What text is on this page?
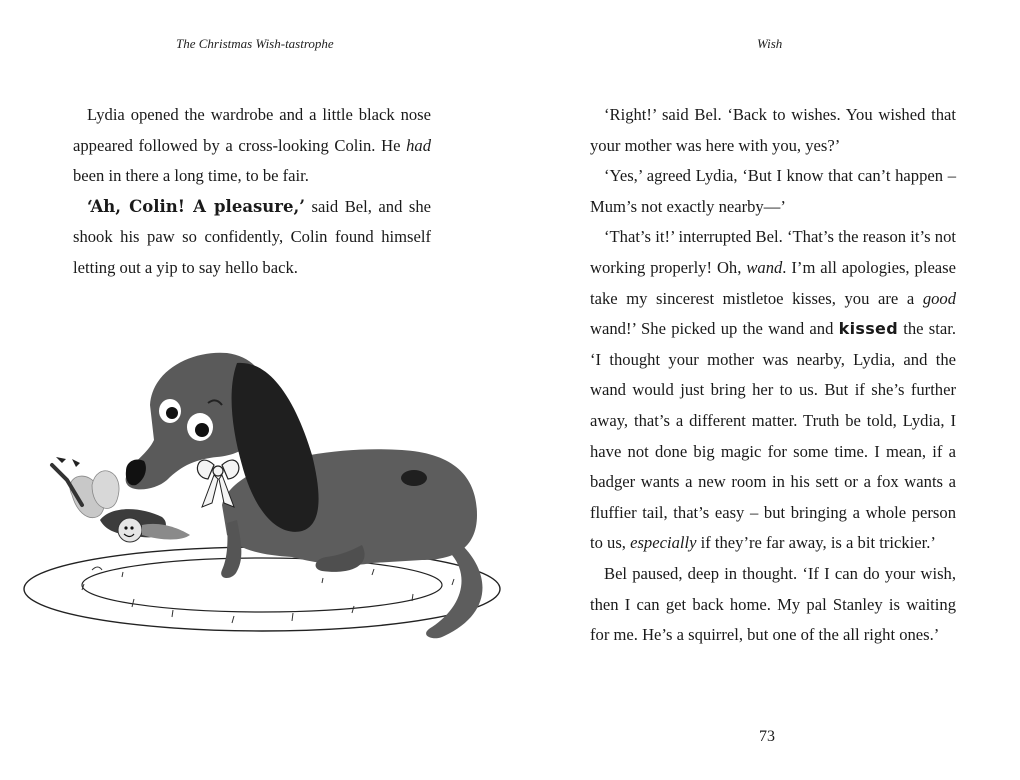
The Christmas Wish-tastrophe

Lydia opened the wardrobe and a little black nose appeared followed by a cross-looking Colin. He had been in there a long time, to be fair.

‘Ah, Colin! A pleasure,’ said Bel, and she shook his paw so confidently, Colin found himself letting out a yip to say hello back.

Wish

‘Right!’ said Bel. ‘Back to wishes. You wished that your mother was here with you, yes?’

‘Yes,’ agreed Lydia, ‘But I know that can’t happen – Mum’s not exactly nearby—’

‘That’s it!’ interrupted Bel. ‘That’s the reason it’s not working properly! Oh, wand. I’m all apologies, please take my sincerest mistletoe kisses, you are a good wand!’ She picked up the wand and kissed the star. ‘I thought your mother was nearby, Lydia, and the wand would just bring her to us. But if she’s further away, that’s a different matter. Truth be told, Lydia, I have not done big magic for some time. I mean, if a badger wants a new room in his sett or a fox wants a fluffier tail, that’s easy – but bringing a whole person to us, especially if they’re far away, is a bit trickier.’

Bel paused, deep in thought. ‘If I can do your wish, then I can get back home. My pal Stanley is waiting for me. He’s a squirrel, but one of the all right ones.’

73
